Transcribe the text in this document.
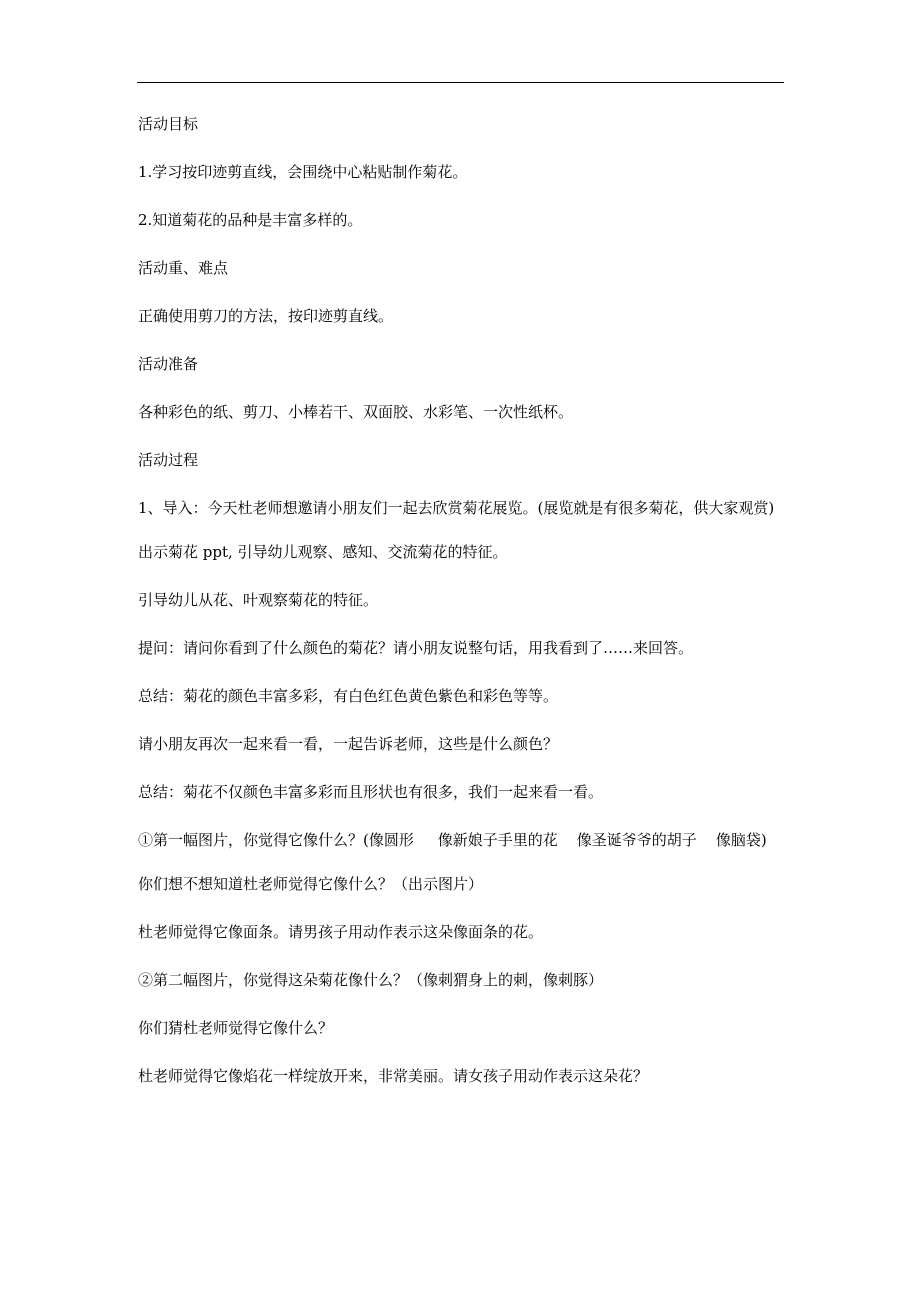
活动目标

1.学习按印迹剪直线，会围绕中心粘贴制作菊花。

2.知道菊花的品种是丰富多样的。

活动重、难点

正确使用剪刀的方法，按印迹剪直线。

活动准备

各种彩色的纸、剪刀、小棒若干、双面胶、水彩笔、一次性纸杯。

活动过程

1、导入：今天杜老师想邀请小朋友们一起去欣赏菊花展览。(展览就是有很多菊花，供大家观赏)

出示菊花 ppt, 引导幼儿观察、感知、交流菊花的特征。

引导幼儿从花、叶观察菊花的特征。

提问：请问你看到了什么颜色的菊花？请小朋友说整句话，用我看到了……来回答。

总结：菊花的颜色丰富多彩，有白色红色黄色紫色和彩色等等。

请小朋友再次一起来看一看，一起告诉老师，这些是什么颜色？

总结：菊花不仅颜色丰富多彩而且形状也有很多，我们一起来看一看。

①第一幅图片，你觉得它像什么？(像圆形     像新娘子手里的花    像圣诞爷爷的胡子    像脑袋)

你们想不想知道杜老师觉得它像什么？（出示图片）

杜老师觉得它像面条。请男孩子用动作表示这朵像面条的花。

②第二幅图片，你觉得这朵菊花像什么？（像刺猬身上的刺，像刺豚）

你们猜杜老师觉得它像什么？

杜老师觉得它像焰花一样绽放开来，非常美丽。请女孩子用动作表示这朵花？
